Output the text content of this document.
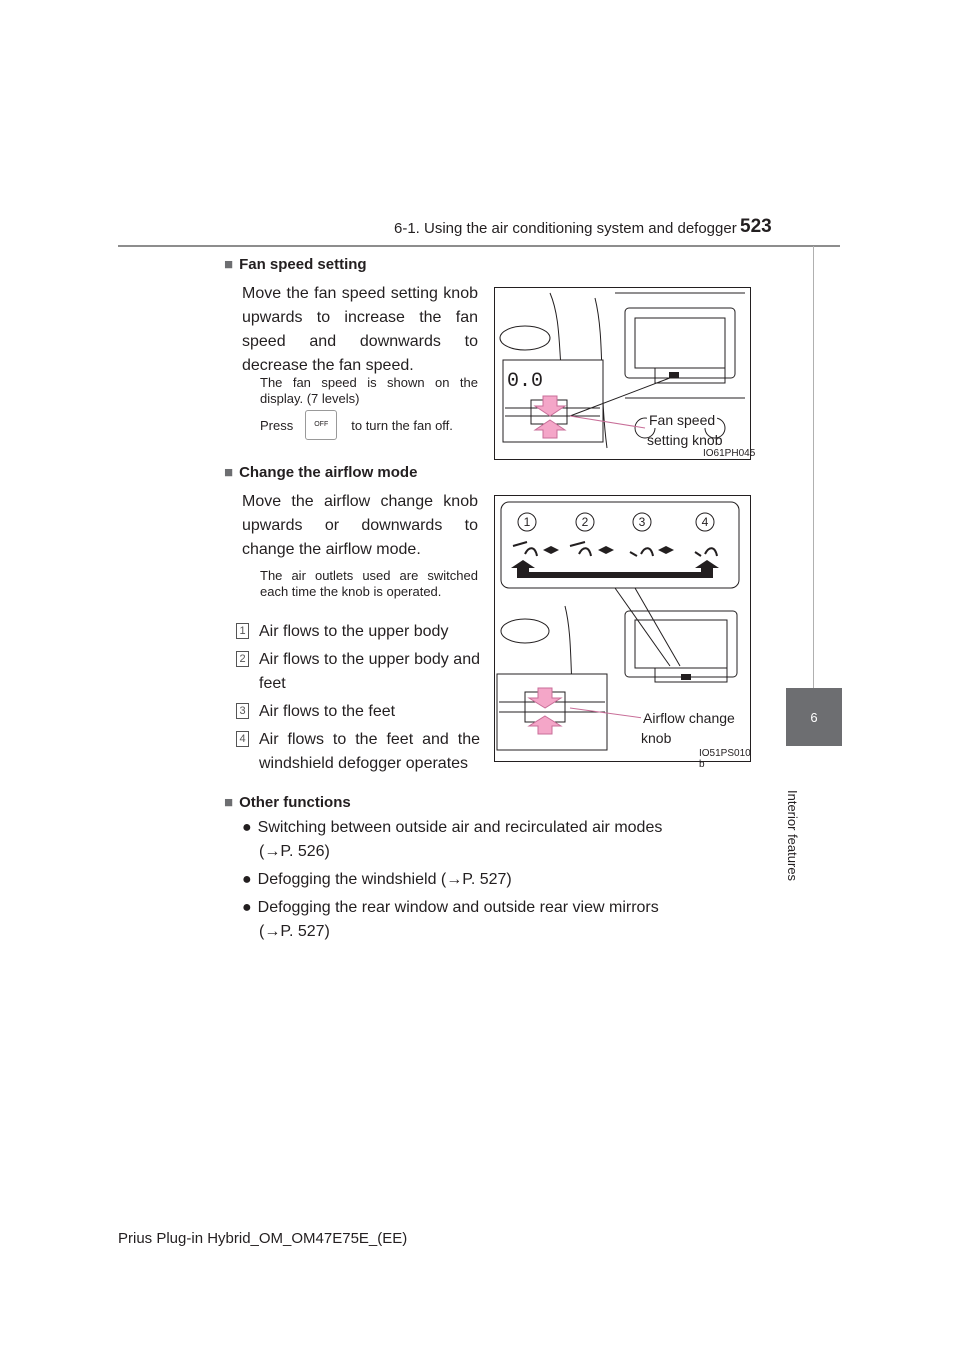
6-1. Using the air conditioning system and defogger 523
6
Interior features
■ Fan speed setting
Move the fan speed setting knob upwards to increase the fan speed and downwards to decrease the fan speed.
The fan speed is shown on the display. (7 levels)
Press	OFF	to turn the fan off.
0.0
Fan speed
setting knob
IO61PH045
■ Change the airflow mode
Move the airflow change knob upwards or downwards to change the airflow mode.
The air outlets used are switched each time the knob is operated.
1 Air flows to the upper body
2 Air flows to the upper body and feet
3 Air flows to the feet
4 Air flows to the feet and the windshield defogger operates
1	2	3	4
Airflow change
knob
IO51PS010 b
■ Other functions
● Switching between outside air and recirculated air modes
(→P. 526)
● Defogging the windshield (→P. 527)
● Defogging the rear window and outside rear view mirrors
(→P. 527)
Prius Plug-in Hybrid_OM_OM47E75E_(EE)
